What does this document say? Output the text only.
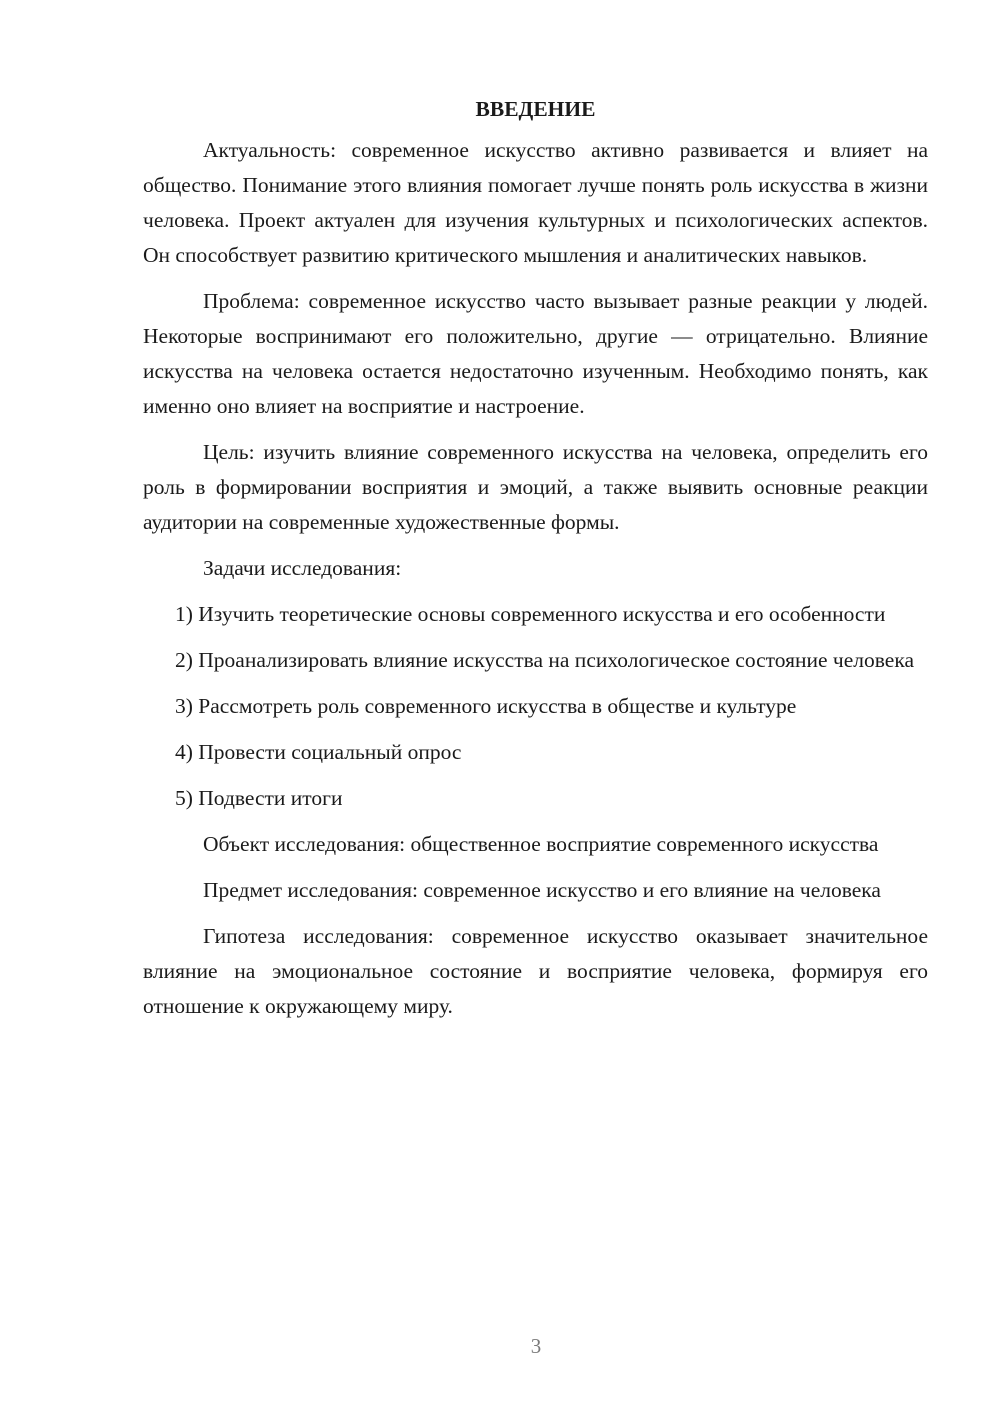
ВВЕДЕНИЕ

Актуальность: современное искусство активно развивается и влияет на общество. Понимание этого влияния помогает лучше понять роль искусства в жизни человека. Проект актуален для изучения культурных и психологических аспектов. Он способствует развитию критического мышления и аналитических навыков.

Проблема: современное искусство часто вызывает разные реакции у людей. Некоторые воспринимают его положительно, другие — отрицательно. Влияние искусства на человека остается недостаточно изученным. Необходимо понять, как именно оно влияет на восприятие и настроение.

Цель: изучить влияние современного искусства на человека, определить его роль в формировании восприятия и эмоций, а также выявить основные реакции аудитории на современные художественные формы.

Задачи исследования:

1) Изучить теоретические основы современного искусства и его особенности

2) Проанализировать влияние искусства на психологическое состояние человека

3) Рассмотреть роль современного искусства в обществе и культуре

4) Провести социальный опрос

5) Подвести итоги

Объект исследования: общественное восприятие современного искусства

Предмет исследования: современное искусство и его влияние на человека

Гипотеза исследования: современное искусство оказывает значительное влияние на эмоциональное состояние и восприятие человека, формируя его отношение к окружающему миру.

3
